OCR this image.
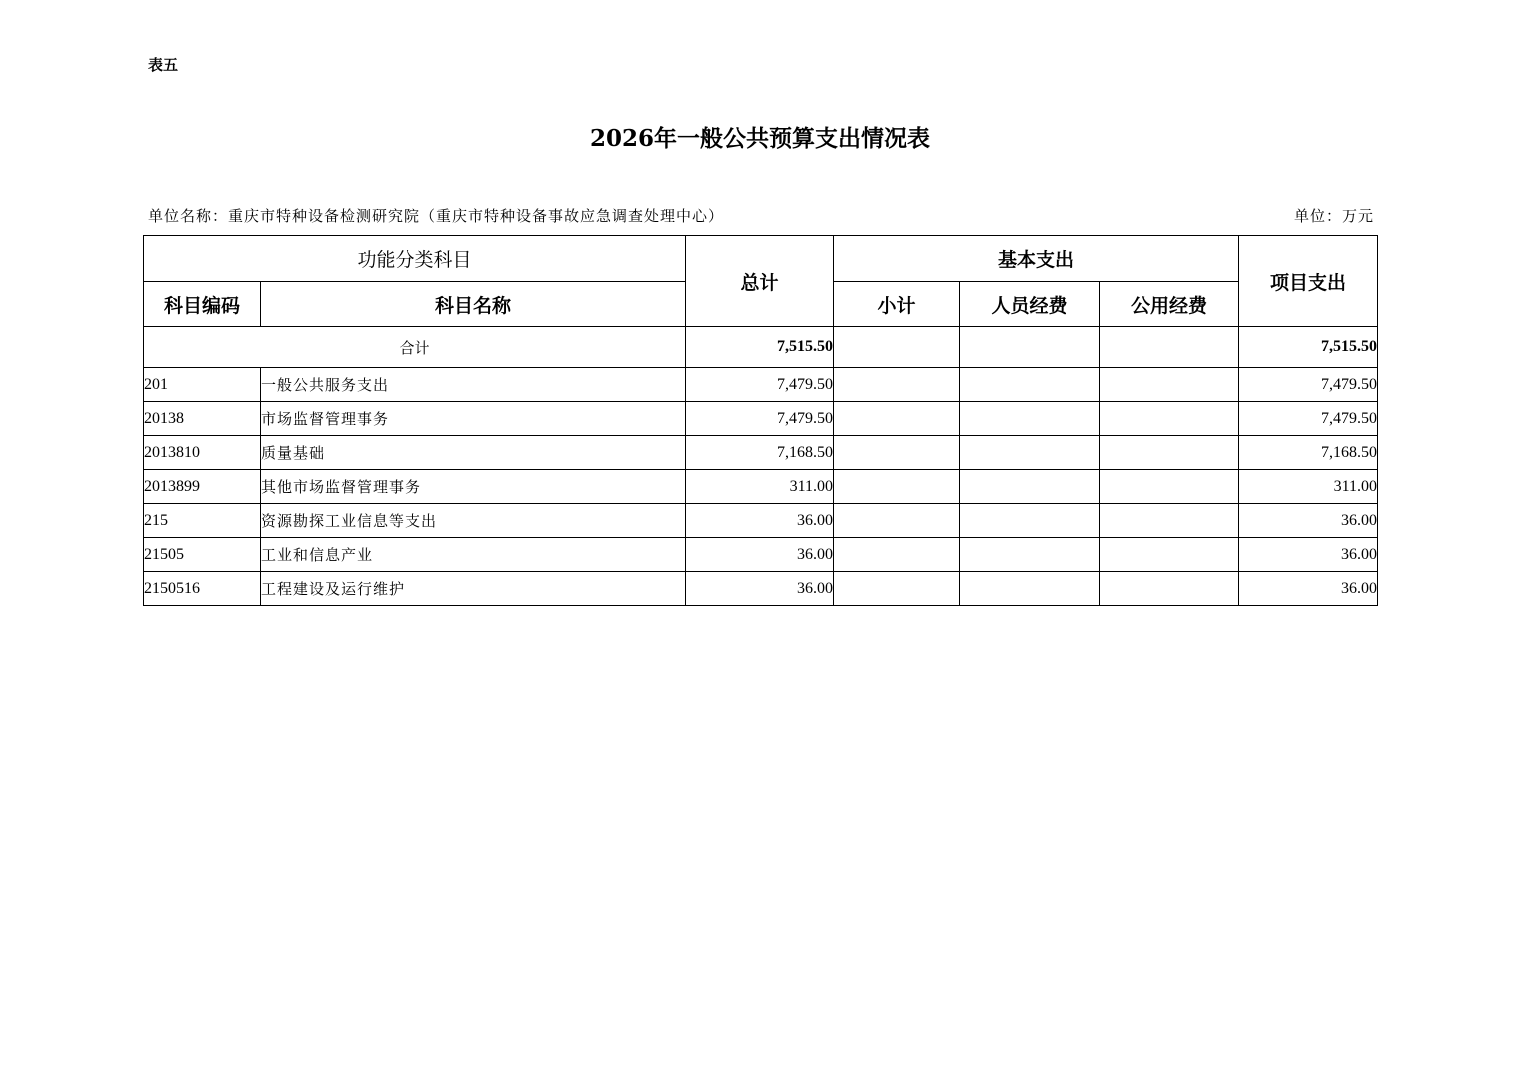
表五
2026年一般公共预算支出情况表
单位名称：重庆市特种设备检测研究院（重庆市特种设备事故应急调查处理中心）	单位：万元
功能分类科目		总计	基本支出			项目支出
科目编码	科目名称		小计	人员经费	公用经费	
合计		7,515.50				7,515.50
201	一般公共服务支出	7,479.50				7,479.50
20138	市场监督管理事务	7,479.50				7,479.50
2013810	质量基础	7,168.50				7,168.50
2013899	其他市场监督管理事务	311.00				311.00
215	资源勘探工业信息等支出	36.00				36.00
21505	工业和信息产业	36.00				36.00
2150516	工程建设及运行维护	36.00				36.00
